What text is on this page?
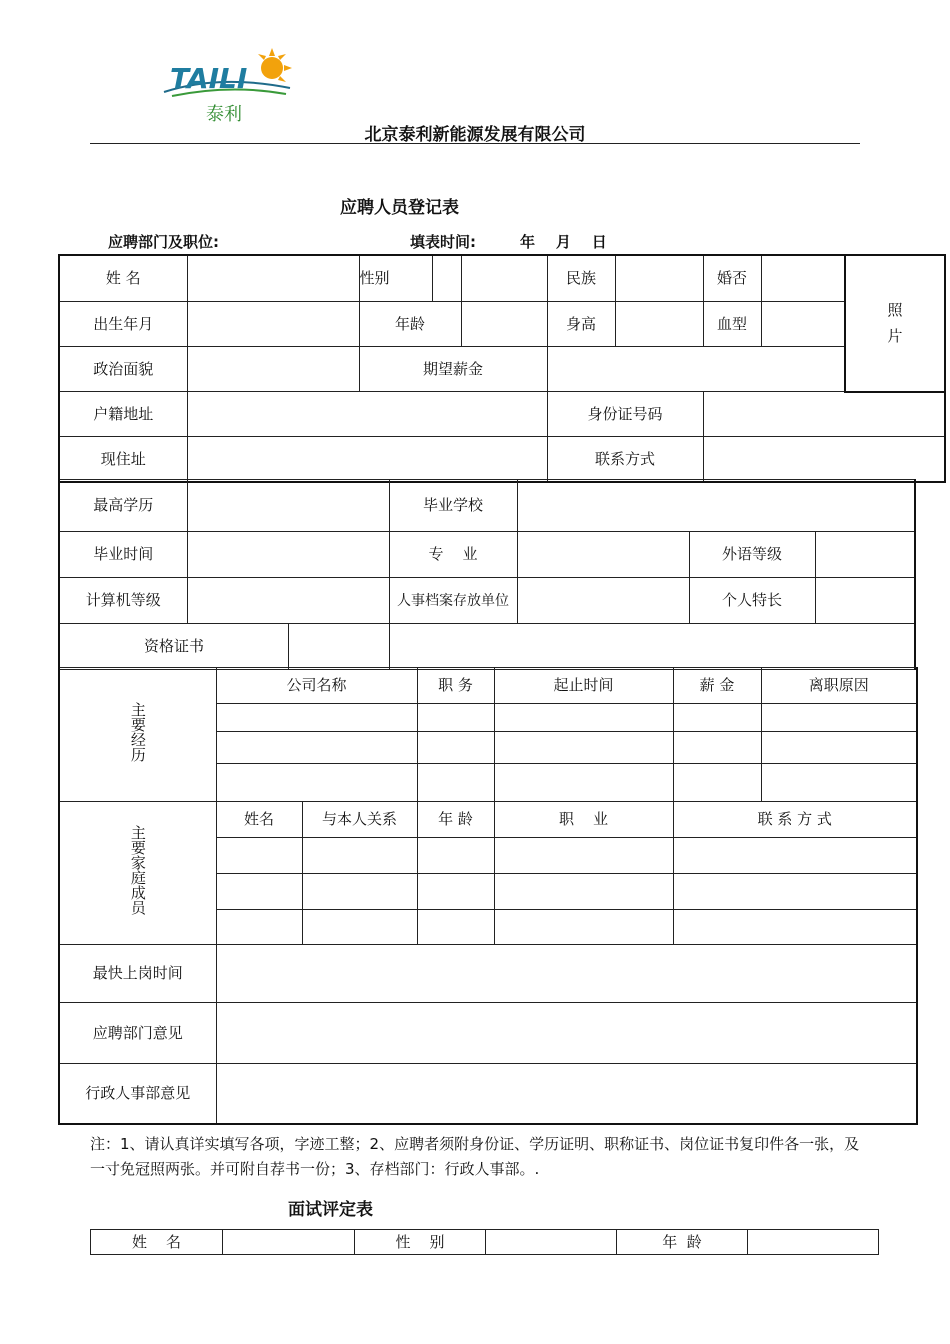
TAILI
泰利
北京泰利新能源发展有限公司
应聘人员登记表
应聘部门及职位:	填表时间:	年    月    日
姓 名		性别		民族		婚否		照片
出生年月		年龄		身高		血型		
政治面貌		期望薪金						
户籍地址				身份证号码				
现住址				联系方式				
最高学历		毕业学校			
毕业时间		专    业		外语等级	
计算机等级		人事档案存放单位		个人特长	

资格证书					

主要经历	公司名称		职 务	起止时间	薪 金	离职原因

主要家庭成员	姓名	与本人关系	年 龄	职    业	联 系 方 式	

最快上岗时间						
应聘部门意见						
行政人事部意见						
注：1、请认真详实填写各项，字迹工整；2、应聘者须附身份证、学历证明、职称证书、岗位证书复印件各一张，及一寸免冠照两张。并可附自荐书一份；3、存档部门：行政人事部。.
面试评定表
姓    名		性    别		年  龄	
